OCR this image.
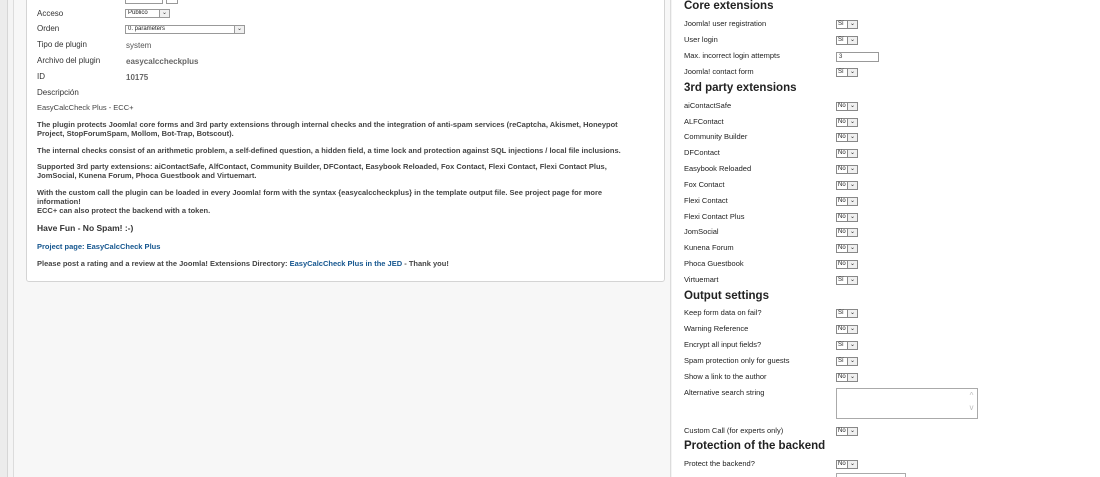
Acceso	Público	⌄
Orden	0. parameters	⌄
Tipo de plugin	system
Archivo del plugin	easycalccheckplus
ID	10175
Descripción
EasyCalcCheck Plus - ECC+
The plugin protects Joomla! core forms and 3rd party extensions through internal checks and the integration of anti-spam services (reCaptcha, Akismet, Honeypot Project, StopForumSpam, Mollom, Bot-Trap, Botscout).
The internal checks consist of an arithmetic problem, a self-defined question, a hidden field, a time lock and protection against SQL injections / local file inclusions.
Supported 3rd party extensions: aiContactSafe, AlfContact, Community Builder, DFContact, Easybook Reloaded, Fox Contact, Flexi Contact, Flexi Contact Plus, JomSocial, Kunena Forum, Phoca Guestbook and Virtuemart.
With the custom call the plugin can be loaded in every Joomla! form with the syntax {easycalccheckplus} in the template output file. See project page for more information!
ECC+ can also protect the backend with a token.
Have Fun - No Spam! :-)
Project page: EasyCalcCheck Plus
Please post a rating and a review at the Joomla! Extensions Directory: EasyCalcCheck Plus in the JED - Thank you!
Core extensions
Joomla! user registration	Sí	⌄
User login	Sí	⌄
Max. incorrect login attempts	3
Joomla! contact form	Sí	⌄
3rd party extensions
aiContactSafe	No ⌄
ALFContact	No ⌄
Community Builder	No ⌄
DFContact	No ⌄
Easybook Reloaded	No ⌄
Fox Contact	No ⌄
Flexi Contact	No ⌄
Flexi Contact Plus	No ⌄
JomSocial	No ⌄
Kunena Forum	No ⌄
Phoca Guestbook	No ⌄
Virtuemart	Sí	⌄
Output settings
Keep form data on fail?	Sí	⌄
Warning Reference	No ⌄
Encrypt all input fields?	Sí	⌄
Spam protection only for guests	Sí	⌄
Show a link to the author	No ⌄
Alternative search string
Custom Call (for experts only)	No ⌄
^
v
Protection of the backend
Protect the backend?	No ⌄
